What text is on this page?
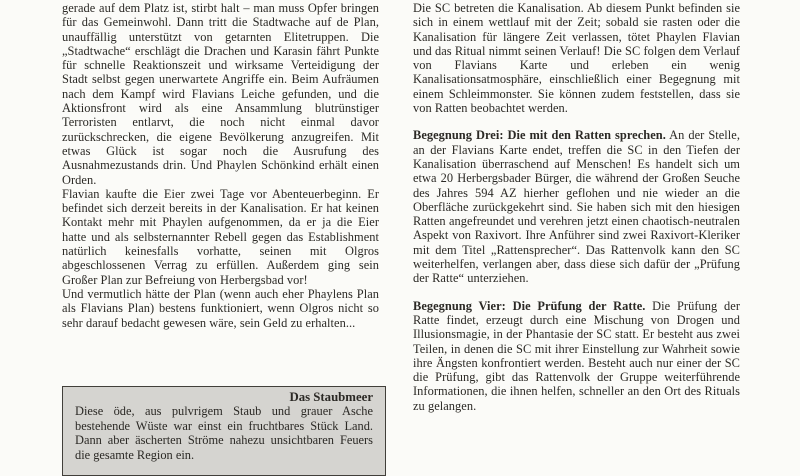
gerade auf dem Platz ist, stirbt halt – man muss Opfer bringen für das Gemeinwohl. Dann tritt die Stadtwache auf de Plan, unauffällig unterstützt von getarnten Elitetruppen. Die „Stadtwache“ erschlägt die Drachen und Karasin fährt Punkte für schnelle Reaktionszeit und wirksame Verteidigung der Stadt selbst gegen unerwartete Angriffe ein. Beim Aufräumen nach dem Kampf wird Flavians Leiche gefunden, und die Aktionsfront wird als eine Ansammlung blutrünstiger Terroristen entlarvt, die noch nicht einmal davor zurückschrecken, die eigene Bevölkerung anzugreifen. Mit etwas Glück ist sogar noch die Ausrufung des Ausnahmezustands drin. Und Phaylen Schönkind erhält einen Orden.

Flavian kaufte die Eier zwei Tage vor Abenteuerbeginn. Er befindet sich derzeit bereits in der Kanalisation. Er hat keinen Kontakt mehr mit Phaylen aufgenommen, da er ja die Eier hatte und als selbsternannter Rebell gegen das Establishment natürlich keinesfalls vorhatte, seinen mit Olgros abgeschlossenen Verrag zu erfüllen. Außerdem ging sein Großer Plan zur Befreiung von Herbergsbad vor!

Und vermutlich hätte der Plan (wenn auch eher Phaylens Plan als Flavians Plan) bestens funktioniert, wenn Olgros nicht so sehr darauf bedacht gewesen wäre, sein Geld zu erhalten...

Das Staubmeer

Diese öde, aus pulvrigem Staub und grauer Asche bestehende Wüste war einst ein fruchtbares Stück Land. Dann aber äscherten Ströme nahezu unsichtbaren Feuers die gesamte Region ein.

Die SC betreten die Kanalisation. Ab diesem Punkt befinden sie sich in einem wettlauf mit der Zeit; sobald sie rasten oder die Kanalisation für längere Zeit verlassen, tötet Phaylen Flavian und das Ritual nimmt seinen Verlauf! Die SC folgen dem Verlauf von Flavians Karte und erleben ein wenig Kanalisationsatmosphäre, einschließlich einer Begegnung mit einem Schleimmonster. Sie können zudem feststellen, dass sie von Ratten beobachtet werden.

Begegnung Drei: Die mit den Ratten sprechen. An der Stelle, an der Flavians Karte endet, treffen die SC in den Tiefen der Kanalisation überraschend auf Menschen! Es handelt sich um etwa 20 Herbergsbader Bürger, die während der Großen Seuche des Jahres 594 AZ hierher geflohen und nie wieder an die Oberfläche zurückgekehrt sind. Sie haben sich mit den hiesigen Ratten angefreundet und verehren jetzt einen chaotisch-neutralen Aspekt von Raxivort. Ihre Anführer sind zwei Raxivort-Kleriker mit dem Titel „Rattensprecher“. Das Rattenvolk kann den SC weiterhelfen, verlangen aber, dass diese sich dafür der „Prüfung der Ratte“ unterziehen.

Begegnung Vier: Die Prüfung der Ratte. Die Prüfung der Ratte findet, erzeugt durch eine Mischung von Drogen und Illusionsmagie, in der Phantasie der SC statt. Er besteht aus zwei Teilen, in denen die SC mit ihrer Einstellung zur Wahrheit sowie ihre Ängsten konfrontiert werden. Besteht auch nur einer der SC die Prüfung, gibt das Rattenvolk der Gruppe weiterführende Informationen, die ihnen helfen, schneller an den Ort des Rituals zu gelangen.
